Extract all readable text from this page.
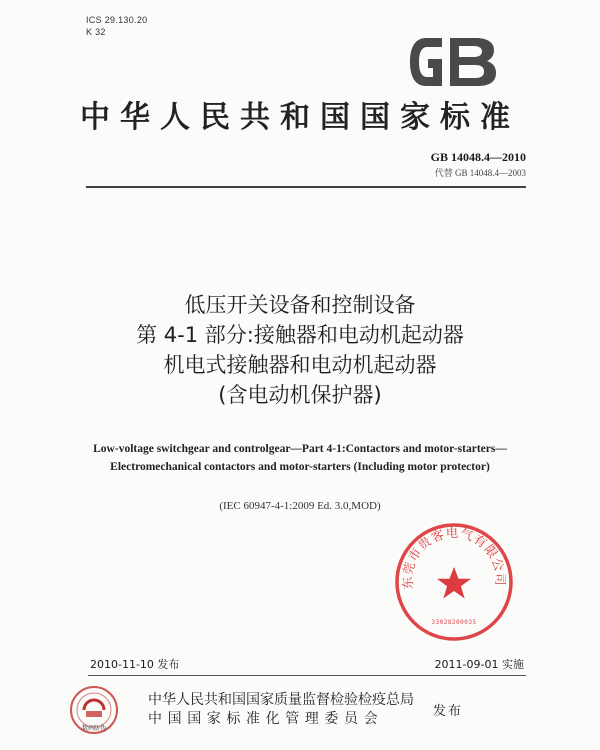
ICS 29.130.20
K 32	GB
中华人民共和国国家标准
GB 14048.4—2010
代替 GB 14048.4—2003
低压开关设备和控制设备
第 4-1 部分:接触器和电动机起动器
机电式接触器和电动机起动器
(含电动机保护器)
Low-voltage switchgear and controlgear—Part 4-1:Contactors and motor-starters—
Electromechanical contactors and motor-starters (Including motor protector)
(IEC 60947-4-1:2009 Ed. 3.0,MOD)
东莞市贵客电气有限公司
33028200035
2010-11-10 发布	2011-09-01 实施
数码防伪
中华人民共和国国家质量监督检验检疫总局
中国国家标准化管理委员会	发布
